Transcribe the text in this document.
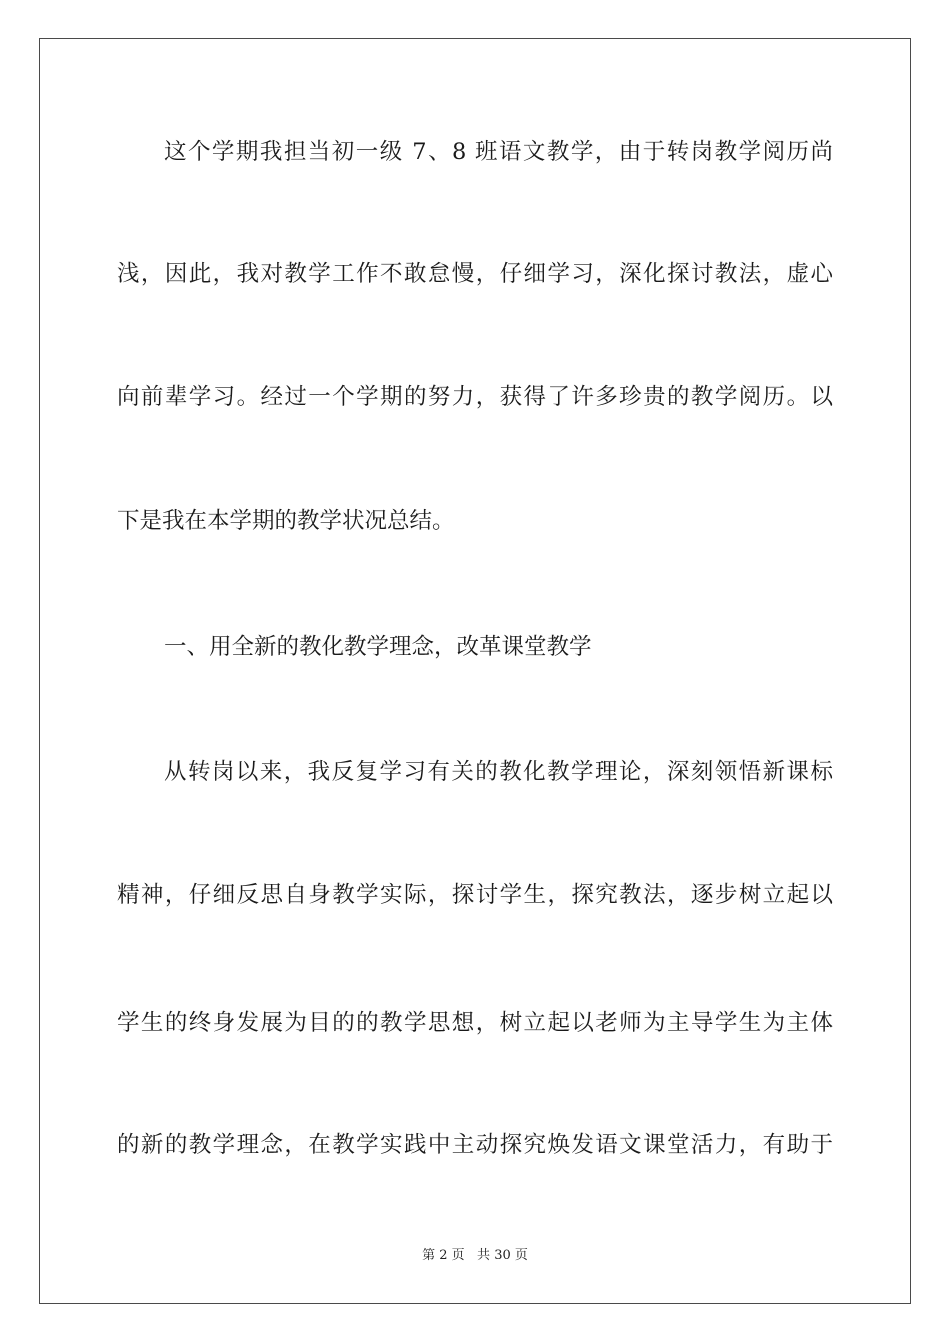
这个学期我担当初一级 7、8 班语文教学，由于转岗教学阅历尚
浅，因此，我对教学工作不敢怠慢，仔细学习，深化探讨教法，虚心
向前辈学习。经过一个学期的努力，获得了许多珍贵的教学阅历。以
下是我在本学期的教学状况总结。
一、用全新的教化教学理念，改革课堂教学
从转岗以来，我反复学习有关的教化教学理论，深刻领悟新课标
精神，仔细反思自身教学实际，探讨学生，探究教法，逐步树立起以
学生的终身发展为目的的教学思想，树立起以老师为主导学生为主体
的新的教学理念，在教学实践中主动探究焕发语文课堂活力，有助于
第 2 页   共 30 页
